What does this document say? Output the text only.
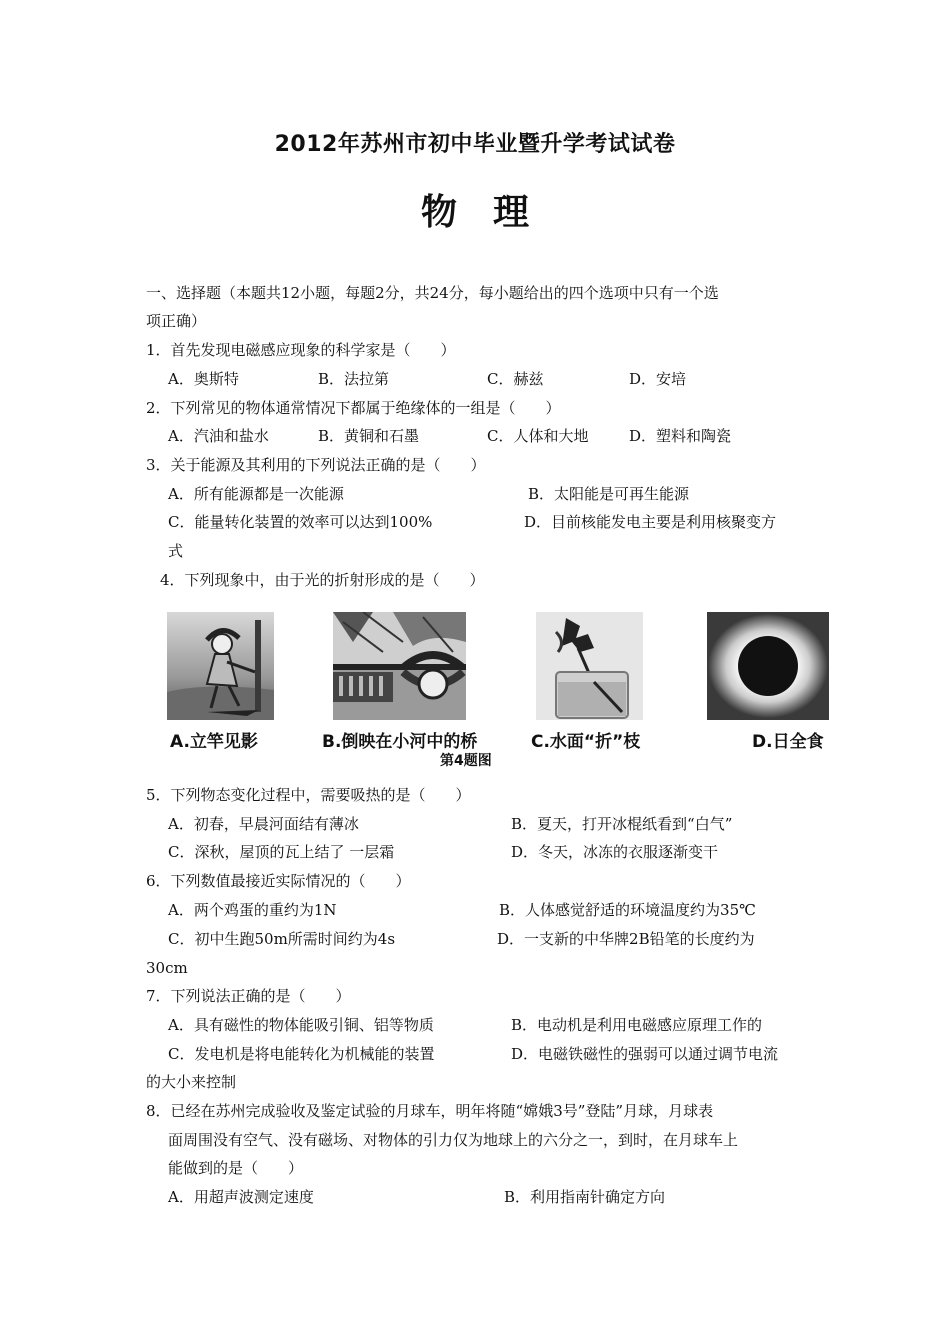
2012年苏州市初中毕业暨升学考试试卷
物理
一、选择题（本题共12小题，每题2分，共24分，每小题给出的四个选项中只有一个选
项正确）
1．首先发现电磁感应现象的科学家是（　　）
A．奥斯特	B．法拉第	C．赫兹	D．安培
2．下列常见的物体通常情况下都属于绝缘体的一组是（　　）
A．汽油和盐水	B．黄铜和石墨	C．人体和大地	D．塑料和陶瓷
3．关于能源及其利用的下列说法正确的是（　　）
A．所有能源都是一次能源	B．太阳能是可再生能源
C．能量转化装置的效率可以达到100%	D．目前核能发电主要是利用核聚变方
式
4．下列现象中，由于光的折射形成的是（　　）
A.立竿见影	B.倒映在小河中的桥	C.水面“折”枝	D.日全食
第4题图
5．下列物态变化过程中，需要吸热的是（　　）
A．初春，早晨河面结有薄冰	B．夏天，打开冰棍纸看到“白气”
C．深秋，屋顶的瓦上结了 一层霜	D．冬天，冰冻的衣服逐渐变干
6．下列数值最接近实际情况的（　　）
A．两个鸡蛋的重约为1N	B．人体感觉舒适的环境温度约为35℃
C．初中生跑50m所需时间约为4s	D．一支新的中华牌2B铅笔的长度约为
30cm
7．下列说法正确的是（　　）
A．具有磁性的物体能吸引铜、铝等物质	B．电动机是利用电磁感应原理工作的
C．发电机是将电能转化为机械能的装置	D．电磁铁磁性的强弱可以通过调节电流
的大小来控制
8．已经在苏州完成验收及鉴定试验的月球车，明年将随“嫦娥3号”登陆”月球，月球表
面周围没有空气、没有磁场、对物体的引力仅为地球上的六分之一，到时，在月球车上
能做到的是（　　）
A．用超声波测定速度	B．利用指南针确定方向
